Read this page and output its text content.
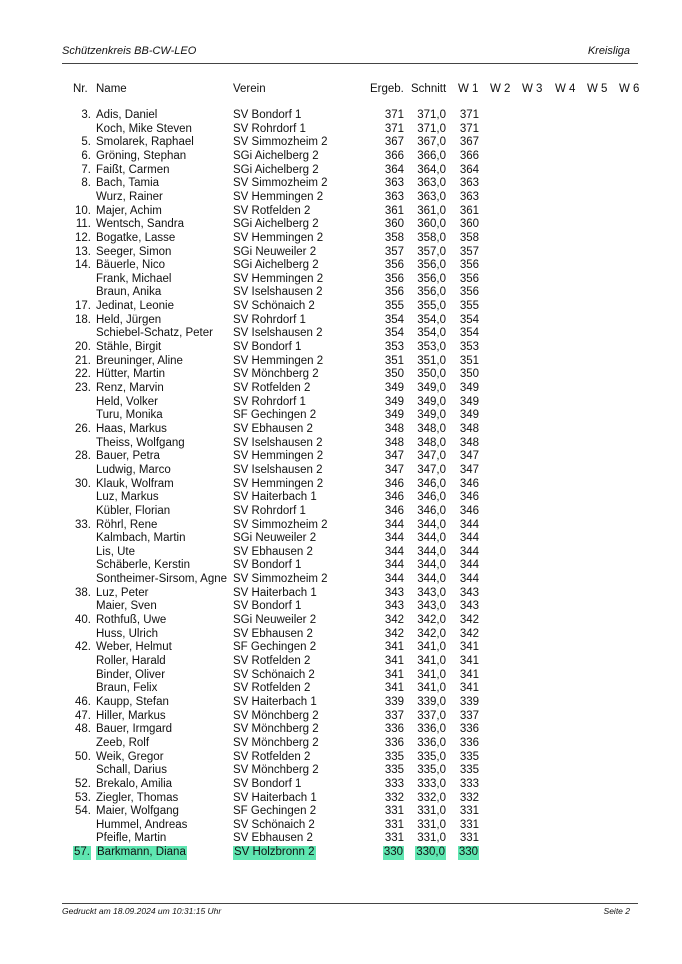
Schützenkreis BB-CW-LEO	Kreisliga
Nr. Name	Verein	Ergeb. Schnitt W 1 W 2 W 3 W 4 W 5 W 6
3. Adis, Daniel	SV Bondorf 1	371 371,0 371
Koch, Mike Steven	SV Rohrdorf 1	371 371,0 371
5. Smolarek, Raphael	SV Simmozheim 2	367 367,0 367
6. Gröning, Stephan	SGi Aichelberg 2	366 366,0 366
7. Faißt, Carmen	SGi Aichelberg 2	364 364,0 364
8. Bach, Tamia	SV Simmozheim 2	363 363,0 363
Wurz, Rainer	SV Hemmingen 2	363 363,0 363
10. Majer, Achim	SV Rotfelden 2	361 361,0 361
11. Wentsch, Sandra	SGi Aichelberg 2	360 360,0 360
12. Bogatke, Lasse	SV Hemmingen 2	358 358,0 358
13. Seeger, Simon	SGi Neuweiler 2	357 357,0 357
14. Bäuerle, Nico	SGi Aichelberg 2	356 356,0 356
Frank, Michael	SV Hemmingen 2	356 356,0 356
Braun, Anika	SV Iselshausen 2	356 356,0 356
17. Jedinat, Leonie	SV Schönaich 2	355 355,0 355
18. Held, Jürgen	SV Rohrdorf 1	354 354,0 354
Schiebel-Schatz, Peter SV Iselshausen 2	354 354,0 354
20. Stähle, Birgit	SV Bondorf 1	353 353,0 353
21. Breuninger, Aline	SV Hemmingen 2	351 351,0 351
22. Hütter, Martin	SV Mönchberg 2	350 350,0 350
23. Renz, Marvin	SV Rotfelden 2	349 349,0 349
Held, Volker	SV Rohrdorf 1	349 349,0 349
Turu, Monika	SF Gechingen 2	349 349,0 349
26. Haas, Markus	SV Ebhausen 2	348 348,0 348
Theiss, Wolfgang	SV Iselshausen 2	348 348,0 348
28. Bauer, Petra	SV Hemmingen 2	347 347,0 347
Ludwig, Marco	SV Iselshausen 2	347 347,0 347
30. Klauk, Wolfram	SV Hemmingen 2	346 346,0 346
Luz, Markus	SV Haiterbach 1	346 346,0 346
Kübler, Florian	SV Rohrdorf 1	346 346,0 346
33. Röhrl, Rene	SV Simmozheim 2	344 344,0 344
Kalmbach, Martin	SGi Neuweiler 2	344 344,0 344
Lis, Ute	SV Ebhausen 2	344 344,0 344
Schäberle, Kerstin	SV Bondorf 1	344 344,0 344
Sontheimer-Sirsom, Agne SV Simmozheim 2	344 344,0 344
38. Luz, Peter	SV Haiterbach 1	343 343,0 343
Maier, Sven	SV Bondorf 1	343 343,0 343
40. Rothfuß, Uwe	SGi Neuweiler 2	342 342,0 342
Huss, Ulrich	SV Ebhausen 2	342 342,0 342
42. Weber, Helmut	SF Gechingen 2	341 341,0 341
Roller, Harald	SV Rotfelden 2	341 341,0 341
Binder, Oliver	SV Schönaich 2	341 341,0 341
Braun, Felix	SV Rotfelden 2	341 341,0 341
46. Kaupp, Stefan	SV Haiterbach 1	339 339,0 339
47. Hiller, Markus	SV Mönchberg 2	337 337,0 337
48. Bauer, Irmgard	SV Mönchberg 2	336 336,0 336
Zeeb, Rolf	SV Mönchberg 2	336 336,0 336
50. Weik, Gregor	SV Rotfelden 2	335 335,0 335
Schall, Darius	SV Mönchberg 2	335 335,0 335
52. Brekalo, Amilia	SV Bondorf 1	333 333,0 333
53. Ziegler, Thomas	SV Haiterbach 1	332 332,0 332
54. Maier, Wolfgang	SF Gechingen 2	331 331,0 331
Hummel, Andreas	SV Schönaich 2	331 331,0 331
Pfeifle, Martin	SV Ebhausen 2	331 331,0 331
57. Barkmann, Diana	SV Holzbronn 2	330 330,0 330
Gedruckt am 18.09.2024 um 10:31:15 Uhr	Seite 2
